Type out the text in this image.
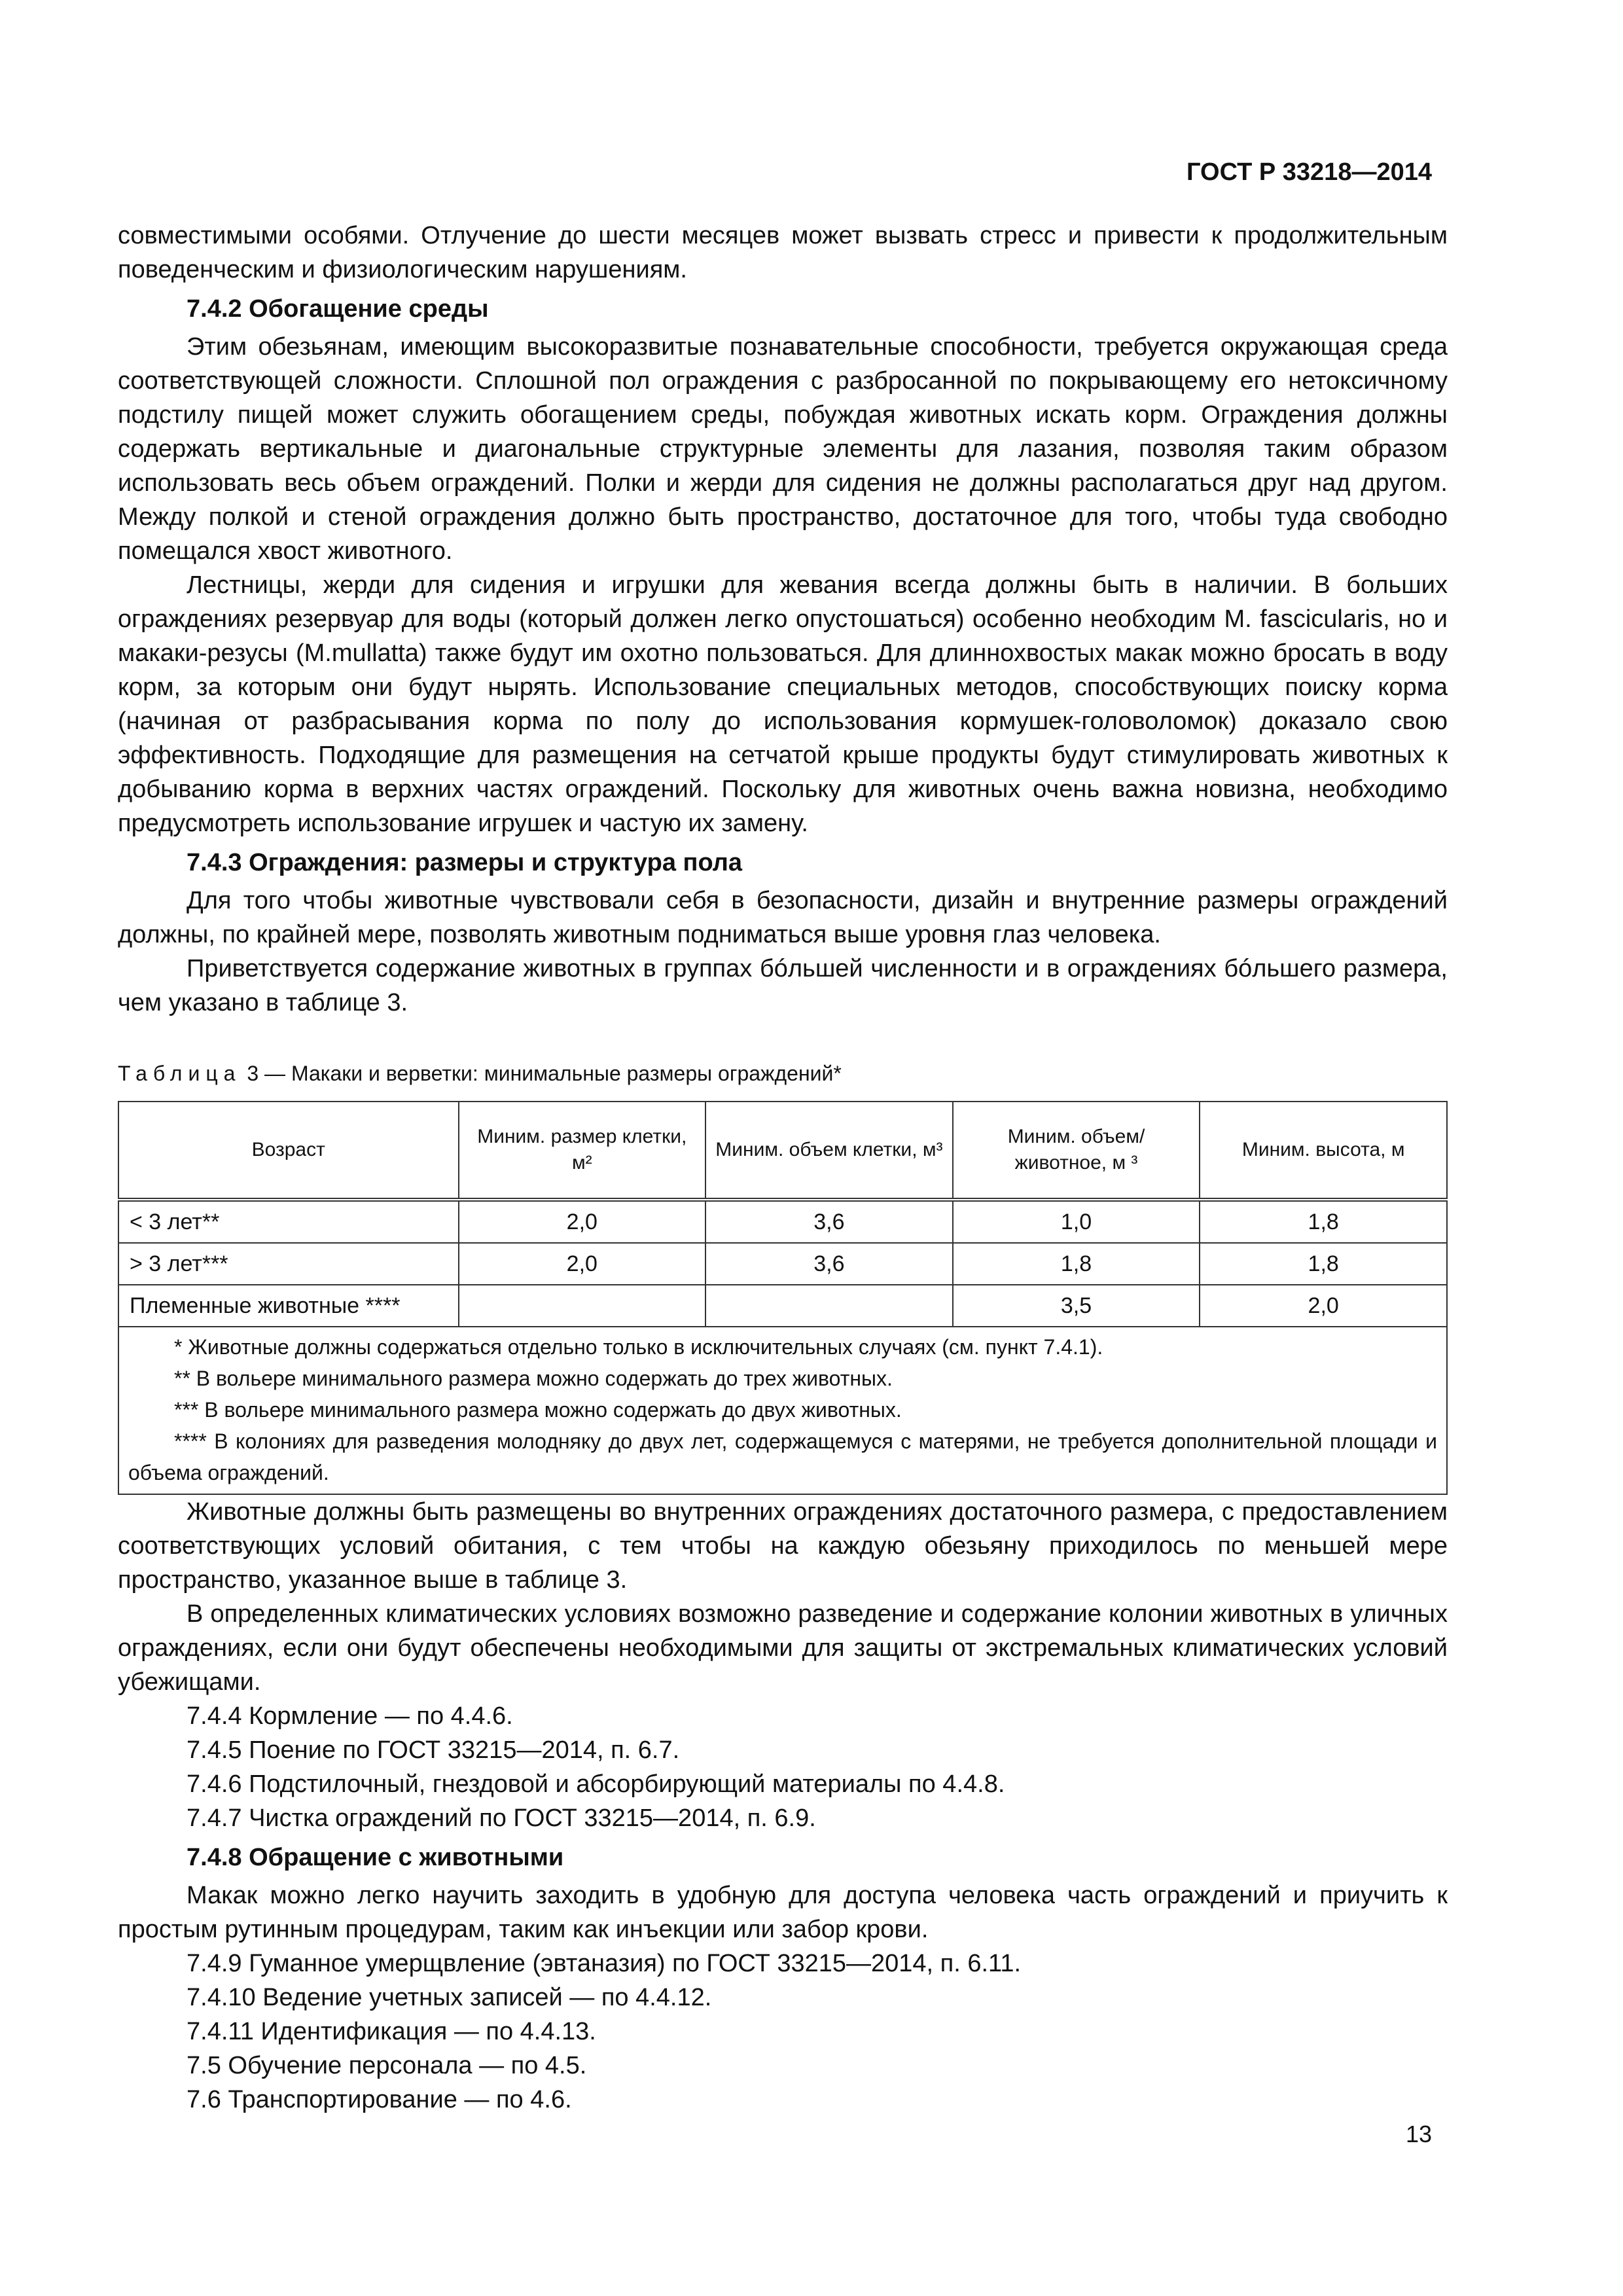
ГОСТ Р 33218—2014

совместимыми особями. Отлучение до шести месяцев может вызвать стресс и привести к продолжительным поведенческим и физиологическим нарушениям.

7.4.2 Обогащение среды

Этим обезьянам, имеющим высокоразвитые познавательные способности, требуется окружающая среда соответствующей сложности. Сплошной пол ограждения с разбросанной по покрывающему его нетоксичному подстилу пищей может служить обогащением среды, побуждая животных искать корм. Ограждения должны содержать вертикальные и диагональные структурные элементы для лазания, позволяя таким образом использовать весь объем ограждений. Полки и жерди для сидения не должны располагаться друг над другом. Между полкой и стеной ограждения должно быть пространство, достаточное для того, чтобы туда свободно помещался хвост животного.

Лестницы, жерди для сидения и игрушки для жевания всегда должны быть в наличии. В больших ограждениях резервуар для воды (который должен легко опустошаться) особенно необходим M. fascicularis, но и макаки-резусы (M.mullatta) также будут им охотно пользоваться. Для длиннохвостых макак можно бросать в воду корм, за которым они будут нырять. Использование специальных методов, способствующих поиску корма (начиная от разбрасывания корма по полу до использования кормушек-головоломок) доказало свою эффективность. Подходящие для размещения на сетчатой крыше продукты будут стимулировать животных к добыванию корма в верхних частях ограждений. Поскольку для животных очень важна новизна, необходимо предусмотреть использование игрушек и частую их замену.

7.4.3 Ограждения: размеры и структура пола

Для того чтобы животные чувствовали себя в безопасности, дизайн и внутренние размеры ограждений должны, по крайней мере, позволять животным подниматься выше уровня глаз человека.

Приветствуется содержание животных в группах бóльшей численности и в ограждениях бóльшего размера, чем указано в таблице 3.

Таблица 3 — Макаки и верветки: минимальные размеры ограждений*
Возраст	Миним. размер клетки, м²	Миним. объем клетки, м³	Миним. объем/ животное, м ³	Миним. высота, м
< 3 лет**	2,0	3,6	1,0	1,8
> 3 лет***	2,0	3,6	1,8	1,8
Племенные животные ****			3,5	2,0

* Животные должны содержаться отдельно только в исключительных случаях (см. пункт 7.4.1).

** В вольере минимального размера можно содержать до трех животных.

*** В вольере минимального размера можно содержать до двух животных.

**** В колониях для разведения молодняку до двух лет, содержащемуся с матерями, не требуется дополнительной площади и объема ограждений.				

Животные должны быть размещены во внутренних ограждениях достаточного размера, с предоставлением соответствующих условий обитания, с тем чтобы на каждую обезьяну приходилось по меньшей мере пространство, указанное выше в таблице 3.

В определенных климатических условиях возможно разведение и содержание колонии животных в уличных ограждениях, если они будут обеспечены необходимыми для защиты от экстремальных климатических условий убежищами.

7.4.4 Кормление — по 4.4.6.

7.4.5 Поение по ГОСТ 33215—2014, п. 6.7.

7.4.6 Подстилочный, гнездовой и абсорбирующий материалы по 4.4.8.

7.4.7 Чистка ограждений по ГОСТ 33215—2014, п. 6.9.

7.4.8 Обращение с животными

Макак можно легко научить заходить в удобную для доступа человека часть ограждений и приучить к простым рутинным процедурам, таким как инъекции или забор крови.

7.4.9 Гуманное умерщвление (эвтаназия) по ГОСТ 33215—2014, п. 6.11.

7.4.10 Ведение учетных записей — по 4.4.12.

7.4.11 Идентификация — по 4.4.13.

7.5 Обучение персонала — по 4.5.

7.6 Транспортирование — по 4.6.

13
